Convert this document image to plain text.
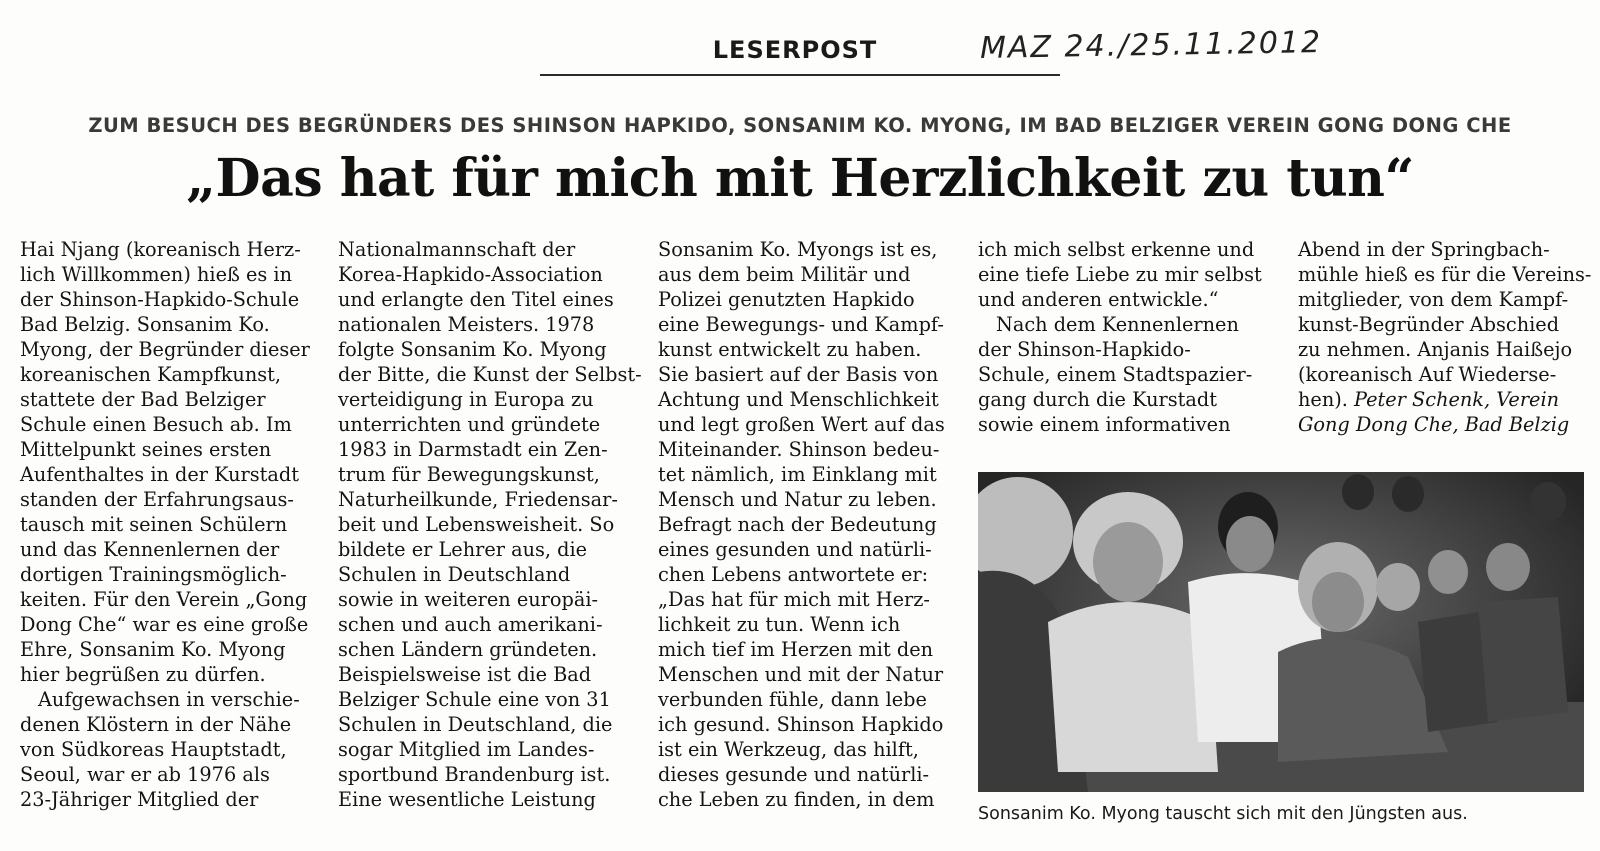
LESERPOST	MAZ 24./25.11.2012
ZUM BESUCH DES BEGRÜNDERS DES SHINSON HAPKIDO, SONSANIM KO. MYONG, IM BAD BELZIGER VEREIN GONG DONG CHE
„Das hat für mich mit Herzlichkeit zu tun“
Hai Njang (koreanisch Herz-
lich Willkommen) hieß es in
der Shinson-Hapkido-Schule
Bad Belzig. Sonsanim Ko.
Myong, der Begründer dieser
koreanischen Kampfkunst,
stattete der Bad Belziger
Schule einen Besuch ab. Im
Mittelpunkt seines ersten
Aufenthaltes in der Kurstadt
standen der Erfahrungsaus-
tausch mit seinen Schülern
und das Kennenlernen der
dortigen Trainingsmöglich-
keiten. Für den Verein „Gong
Dong Che“ war es eine große
Ehre, Sonsanim Ko. Myong
hier begrüßen zu dürfen.
Aufgewachsen in verschie-
denen Klöstern in der Nähe
von Südkoreas Hauptstadt,
Seoul, war er ab 1976 als
23-Jähriger Mitglied der
Nationalmannschaft der
Korea-Hapkido-Association
und erlangte den Titel eines
nationalen Meisters. 1978
folgte Sonsanim Ko. Myong
der Bitte, die Kunst der Selbst-
verteidigung in Europa zu
unterrichten und gründete
1983 in Darmstadt ein Zen-
trum für Bewegungskunst,
Naturheilkunde, Friedensar-
beit und Lebensweisheit. So
bildete er Lehrer aus, die
Schulen in Deutschland
sowie in weiteren europäi-
schen und auch amerikani-
schen Ländern gründeten.
Beispielsweise ist die Bad
Belziger Schule eine von 31
Schulen in Deutschland, die
sogar Mitglied im Landes-
sportbund Brandenburg ist.
Eine wesentliche Leistung
Sonsanim Ko. Myongs ist es,
aus dem beim Militär und
Polizei genutzten Hapkido
eine Bewegungs- und Kampf-
kunst entwickelt zu haben.
Sie basiert auf der Basis von
Achtung und Menschlichkeit
und legt großen Wert auf das
Miteinander. Shinson bedeu-
tet nämlich, im Einklang mit
Mensch und Natur zu leben.
Befragt nach der Bedeutung
eines gesunden und natürli-
chen Lebens antwortete er:
„Das hat für mich mit Herz-
lichkeit zu tun. Wenn ich
mich tief im Herzen mit den
Menschen und mit der Natur
verbunden fühle, dann lebe
ich gesund. Shinson Hapkido
ist ein Werkzeug, das hilft,
dieses gesunde und natürli-
che Leben zu finden, in dem
ich mich selbst erkenne und
eine tiefe Liebe zu mir selbst
und anderen entwickle.“
Nach dem Kennenlernen
der Shinson-Hapkido-
Schule, einem Stadtspazier-
gang durch die Kurstadt
sowie einem informativen
Abend in der Springbach-
mühle hieß es für die Vereins-
mitglieder, von dem Kampf-
kunst-Begründer Abschied
zu nehmen. Anjanis Haißejo
(koreanisch Auf Wiederse-
hen). Peter Schenk, Verein
Gong Dong Che, Bad Belzig
Sonsanim Ko. Myong tauscht sich mit den Jüngsten aus.
